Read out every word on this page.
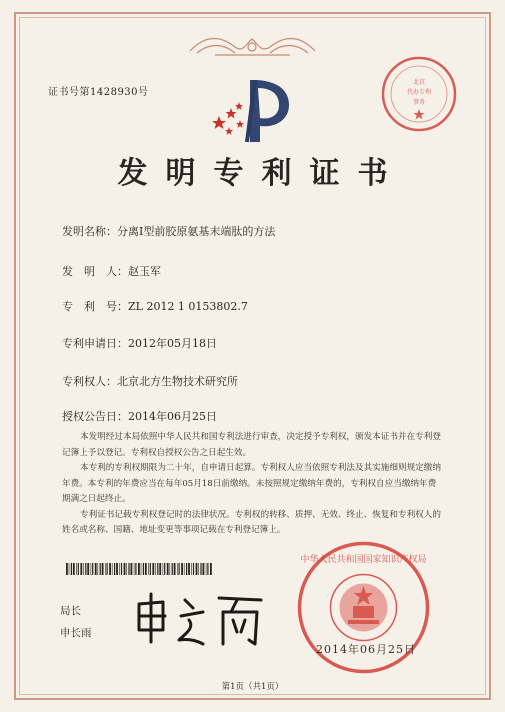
证书号第1428930号
北京
代办专利
事务
发明专利证书
发明名称：分离Ⅰ型前胶原氨基末端肽的方法
发　明　人：赵玉军
专　利　号：ZL 2012 1 0153802.7
专利申请日：2012年05月18日
专利权人：北京北方生物技术研究所
授权公告日：2014年06月25日

本发明经过本局依照中华人民共和国专利法进行审查，决定授予专利权，颁发本证书并在专利登记簿上予以登记。专利权自授权公告之日起生效。

本专利的专利权期限为二十年，自申请日起算。专利权人应当依照专利法及其实施细则规定缴纳年费。本专利的年费应当在每年05月18日前缴纳。未按照规定缴纳年费的，专利权自应当缴纳年费期满之日起终止。

专利证书记载专利权登记时的法律状况。专利权的转移、质押、无效、终止、恢复和专利权人的姓名或名称、国籍、地址变更等事项记载在专利登记簿上。

局长
申长雨
中华人民共和国国家知识产权局
2014年06月25日
第1页（共1页）
